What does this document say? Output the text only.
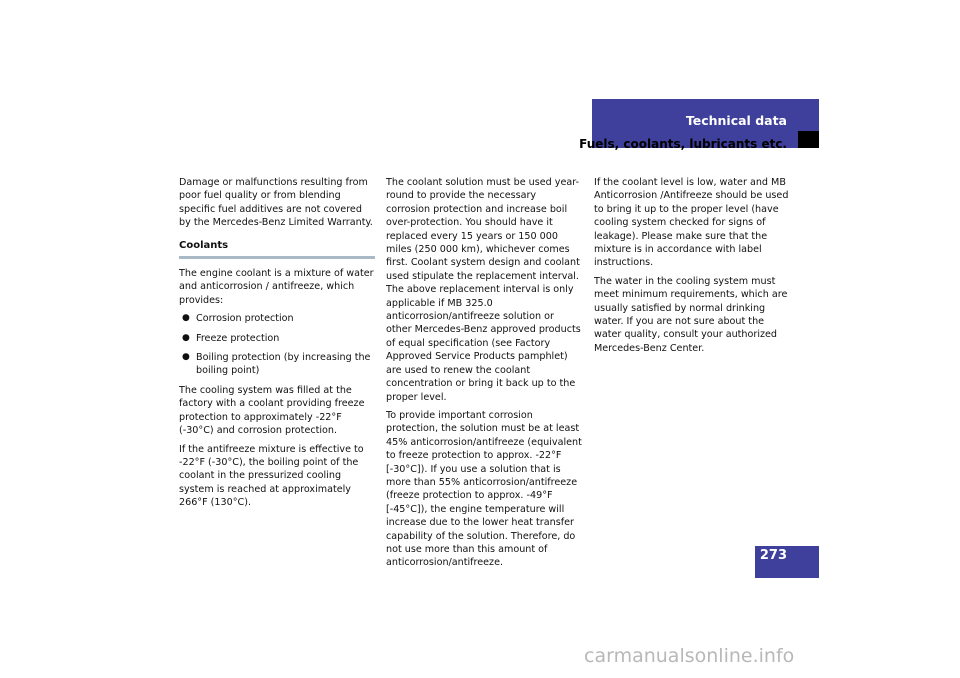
Technical data
Fuels, coolants, lubricants etc.

Damage or malfunctions resulting from poor fuel quality or from blending specific fuel additives are not covered by the Mercedes-Benz Limited Warranty.

Coolants

The engine coolant is a mixture of water and anticorrosion / antifreeze, which provides:

● Corrosion protection
● Freeze protection
● Boiling protection (by increasing the boiling point)

The cooling system was filled at the factory with a coolant providing freeze protection to approximately -22°F (-30°C) and corrosion protection.

If the antifreeze mixture is effective to -22°F (-30°C), the boiling point of the coolant in the pressurized cooling system is reached at approximately 266°F (130°C).

The coolant solution must be used year-round to provide the necessary corrosion protection and increase boil over-protection. You should have it replaced every 15 years or 150 000 miles (250 000 km), whichever comes first. Coolant system design and coolant used stipulate the replacement interval. The above replacement interval is only applicable if MB 325.0 anticorrosion/antifreeze solution or other Mercedes-Benz approved products of equal specification (see Factory Approved Service Products pamphlet) are used to renew the coolant concentration or bring it back up to the proper level.

To provide important corrosion protection, the solution must be at least 45% anticorrosion/antifreeze (equivalent to freeze protection to approx. -22°F [-30°C]). If you use a solution that is more than 55% anticorrosion/antifreeze (freeze protection to approx. -49°F [-45°C]), the engine temperature will increase due to the lower heat transfer capability of the solution. Therefore, do not use more than this amount of anticorrosion/antifreeze.

If the coolant level is low, water and MB Anticorrosion /Antifreeze should be used to bring it up to the proper level (have cooling system checked for signs of leakage). Please make sure that the mixture is in accordance with label instructions.

The water in the cooling system must meet minimum requirements, which are usually satisfied by normal drinking water. If you are not sure about the water quality, consult your authorized Mercedes-Benz Center.

273
carmanualsonline.info
